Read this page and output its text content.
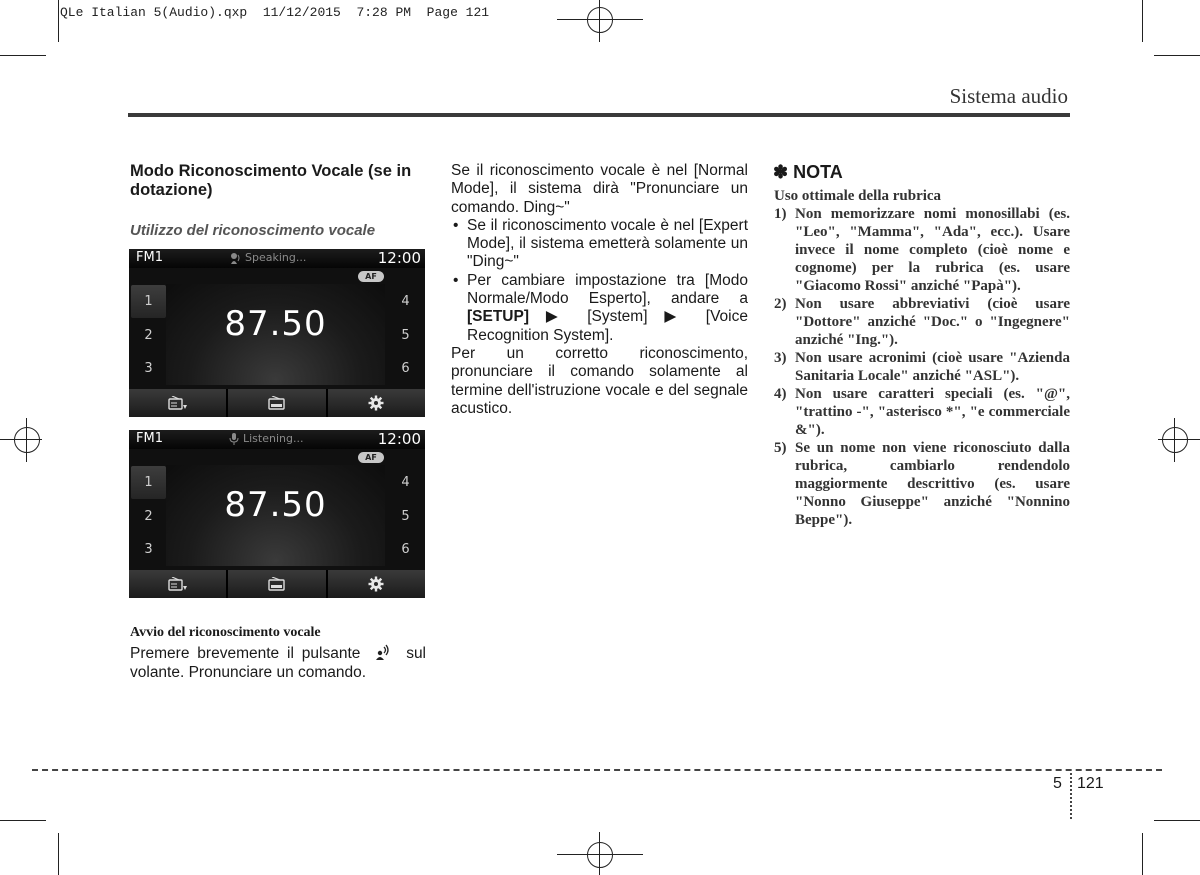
QLe Italian 5(Audio).qxp  11/12/2015  7:28 PM  Page 121
Sistema audio
Modo Riconoscimento Vocale (se in dotazione)
Utilizzo del riconoscimento vocale
FM1	Speaking...	12:00
AF
1
2
3
4
5
6
87.50
FM1	Listening...	12:00
AF
1
2
3
4
5
6
87.50
Avvio del riconoscimento vocale
Premere brevemente il pulsante	sul volante. Pronunciare un comando.

Se il riconoscimento vocale è nel [Normal Mode], il sistema dirà "Pronunciare un comando. Ding~"

• Se il riconoscimento vocale è nel [Expert Mode], il sistema emetterà solamente un "Ding~"

• Per cambiare impostazione tra [Modo Normale/Modo Esperto], andare a [SETUP] ▶ [System] ▶ [Voice Recognition System].

Per un corretto riconoscimento, pronunciare il comando solamente al termine dell'istruzione vocale e del segnale acustico.

✽ NOTA

Uso ottimale della rubrica

1) Non memorizzare nomi monosillabi (es. "Leo", "Mamma", "Ada", ecc.). Usare invece il nome completo (cioè nome e cognome) per la rubrica (es. usare "Giacomo Rossi" anziché "Papà").
2) Non usare abbreviativi (cioè usare "Dottore" anziché "Doc." o "Ingegnere" anziché "Ing.").
3) Non usare acronimi (cioè usare "Azienda Sanitaria Locale" anziché "ASL").
4) Non usare caratteri speciali (es. "@", "trattino -", "asterisco *", "e commerciale &").
5) Se un nome non viene riconosciuto dalla rubrica, cambiarlo rendendolo maggiormente descrittivo (es. usare "Nonno Giuseppe" anziché "Nonnino Beppe").
5 121
